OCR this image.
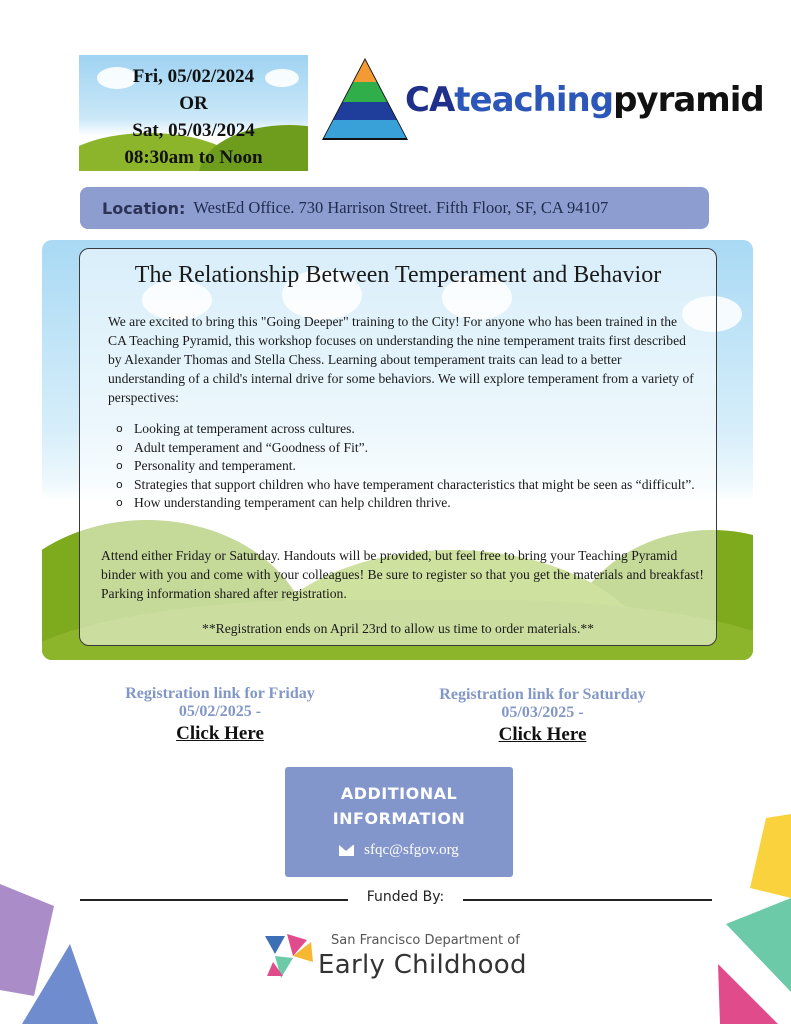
Fri, 05/02/2024
OR
Sat, 05/03/2024
08:30am to Noon
CAteachingpyramid
Location: WestEd Office. 730 Harrison Street. Fifth Floor, SF, CA 94107
The Relationship Between Temperament and Behavior
We are excited to bring this "Going Deeper" training to the City! For anyone who has been trained in the CA Teaching Pyramid, this workshop focuses on understanding the nine temperament traits first described by Alexander Thomas and Stella Chess. Learning about temperament traits can lead to a better understanding of a child's internal drive for some behaviors. We will explore temperament from a variety of perspectives:
o Looking at temperament across cultures.
o Adult temperament and “Goodness of Fit”.
o Personality and temperament.
o Strategies that support children who have temperament characteristics that might be seen as “difficult”.
o How understanding temperament can help children thrive.
Attend either Friday or Saturday. Handouts will be provided, but feel free to bring your Teaching Pyramid binder with you and come with your colleagues! Be sure to register so that you get the materials and breakfast! Parking information shared after registration.
**Registration ends on April 23rd to allow us time to order materials.**
Registration link for Friday 05/02/2025 -
Click Here
Registration link for Saturday 05/03/2025 -
Click Here
ADDITIONAL
INFORMATION
sfqc@sfgov.org
Funded By:
San Francisco Department of
Early Childhood
